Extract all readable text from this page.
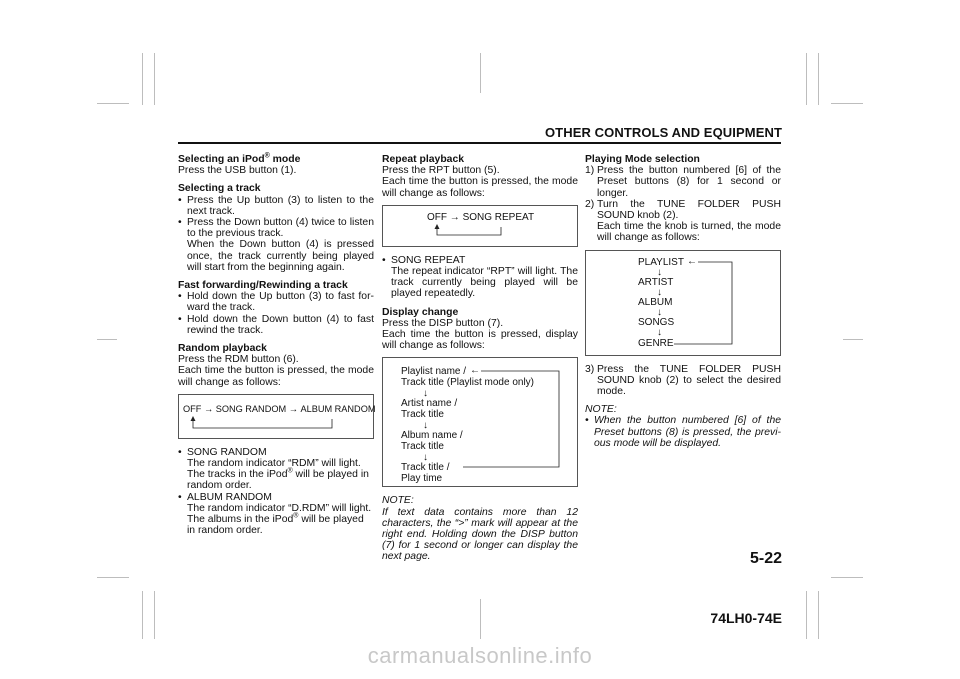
OTHER CONTROLS AND EQUIPMENT

Selecting an iPod® mode

Press the USB button (1).

Selecting a track

• Press the Up button (3) to listen to the next track.
• Press the Down button (4) twice to listen to the previous track.

When the Down button (4) is pressed once, the track currently being played will start from the beginning again.

Fast forwarding/Rewinding a track

• Hold down the Up button (3) to fast for-ward the track.
• Hold down the Down button (4) to fast rewind the track.

Random playback

Press the RDM button (6).

Each time the button is pressed, the mode will change as follows:

OFF → SONG RANDOM → ALBUM RANDOM
• SONG RANDOM

The random indicator “RDM” will light.

The tracks in the iPod® will be played in random order.

• ALBUM RANDOM

The random indicator “D.RDM” will light.

The albums in the iPod® will be played in random order.

Repeat playback

Press the RPT button (5).

Each time the button is pressed, the mode will change as follows:

OFF → SONG REPEAT
• SONG REPEAT

The repeat indicator “RPT” will light. The track currently being played will be played repeatedly.

Display change

Press the DISP button (7).

Each time the button is pressed, display will change as follows:

Playlist name /
Track title (Playlist mode only)
↓
Artist name /
Track title
↓
Album name /
Track title
↓
Track title /
Play time
←

NOTE:

If text data contains more than 12 characters, the “>” mark will appear at the right end. Holding down the DISP button (7) for 1 second or longer can display the next page.

Playing Mode selection

1) Press the button numbered [6] of the Preset buttons (8) for 1 second or longer.
2) Turn the TUNE FOLDER PUSH SOUND knob (2).

Each time the knob is turned, the mode will change as follows:

PLAYLIST
↓
ARTIST
↓
ALBUM
↓
SONGS
↓
GENRE
←
3) Press the TUNE FOLDER PUSH SOUND knob (2) to select the desired mode.

NOTE:

• When the button numbered [6] of the Preset buttons (8) is pressed, the previ-ous mode will be displayed.
5-22
74LH0-74E
carmanualsonline.info
